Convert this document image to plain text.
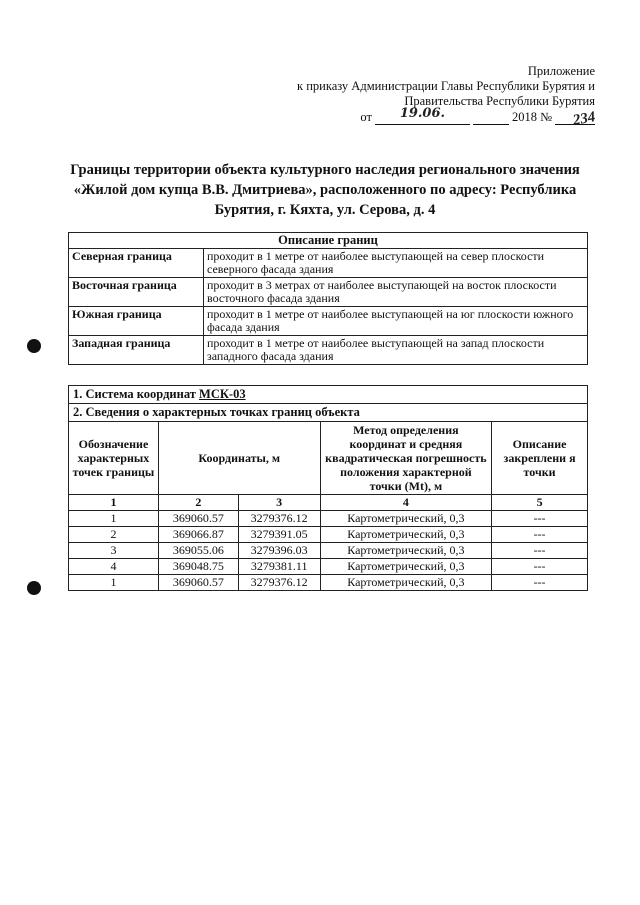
Приложение
к приказу Администрации Главы Республики Бурятия и
Правительства Республики Бурятия
от	19.06.	2018 №	234
Границы территории объекта культурного наследия регионального значения «Жилой дом купца В.В. Дмитриева», расположенного по адресу: Республика Бурятия, г. Кяхта, ул. Серова, д. 4
Описание границ	
Северная граница	проходит в 1 метре от наиболее выступающей на север плоскости северного фасада здания
Восточная граница	проходит в 3 метрах от наиболее выступающей на восток плоскости восточного фасада здания
Южная граница	проходит в 1 метре от наиболее выступающей на юг плоскости южного фасада здания
Западная граница	проходит в 1 метре от наиболее выступающей на запад плоскости западного фасада здания
1. Система координат МСК-03				
2. Сведения о характерных точках границ объекта				
Обозначение характерных точек границы	Координаты, м		Метод определения координат и средняя квадратическая погрешность положения характерной точки (Мt), м	Описание закреплени я точки
1	2	3	4	5
1	369060.57	3279376.12	Картометрический, 0,3	---
2	369066.87	3279391.05	Картометрический, 0,3	---
3	369055.06	3279396.03	Картометрический, 0,3	---
4	369048.75	3279381.11	Картометрический, 0,3	---
1	369060.57	3279376.12	Картометрический, 0,3	---
